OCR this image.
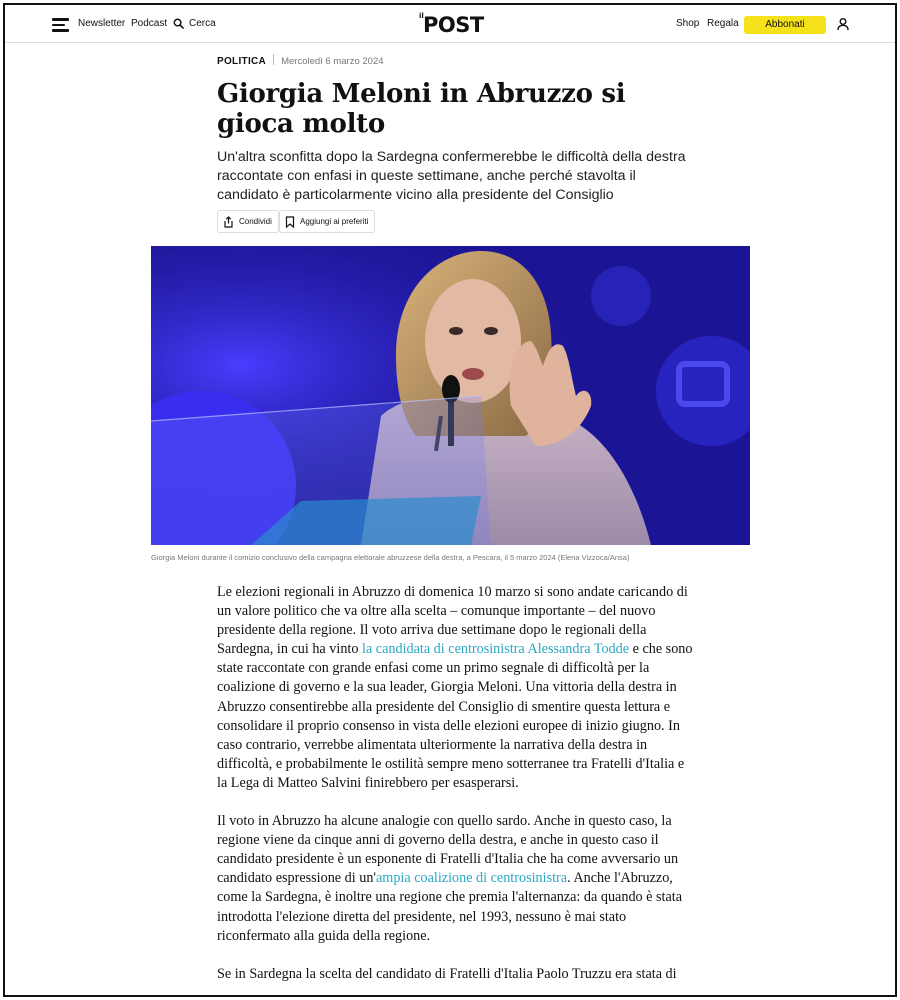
Newsletter Podcast Cerca
il POST	Shop Regala	Abbonati
POLITICA Mercoledì 6 marzo 2024
Giorgia Meloni in Abruzzo si gioca molto
Un'altra sconfitta dopo la Sardegna confermerebbe le difficoltà della destra raccontate con enfasi in queste settimane, anche perché stavolta il candidato è particolarmente vicino alla presidente del Consiglio
Condividi	Aggiungi ai preferiti
Giorgia Meloni durante il comizio conclusivo della campagna elettorale abruzzese della destra, a Pescara, il 5 marzo 2024 (Elena Vizzoca/Ansa)

Le elezioni regionali in Abruzzo di domenica 10 marzo si sono andate caricando di un valore politico che va oltre alla scelta – comunque importante – del nuovo presidente della regione. Il voto arriva due settimane dopo le regionali della Sardegna, in cui ha vinto la candidata di centrosinistra Alessandra Todde e che sono state raccontate con grande enfasi come un primo segnale di difficoltà per la coalizione di governo e la sua leader, Giorgia Meloni. Una vittoria della destra in Abruzzo consentirebbe alla presidente del Consiglio di smentire questa lettura e consolidare il proprio consenso in vista delle elezioni europee di inizio giugno. In caso contrario, verrebbe alimentata ulteriormente la narrativa della destra in difficoltà, e probabilmente le ostilità sempre meno sotterranee tra Fratelli d'Italia e la Lega di Matteo Salvini finirebbero per esasperarsi.

Il voto in Abruzzo ha alcune analogie con quello sardo. Anche in questo caso, la regione viene da cinque anni di governo della destra, e anche in questo caso il candidato presidente è un esponente di Fratelli d'Italia che ha come avversario un candidato espressione di un'ampia coalizione di centrosinistra. Anche l'Abruzzo, come la Sardegna, è inoltre una regione che premia l'alternanza: da quando è stata introdotta l'elezione diretta del presidente, nel 1993, nessuno è mai stato riconfermato alla guida della regione.

Se in Sardegna la scelta del candidato di Fratelli d'Italia Paolo Truzzu era stata di
